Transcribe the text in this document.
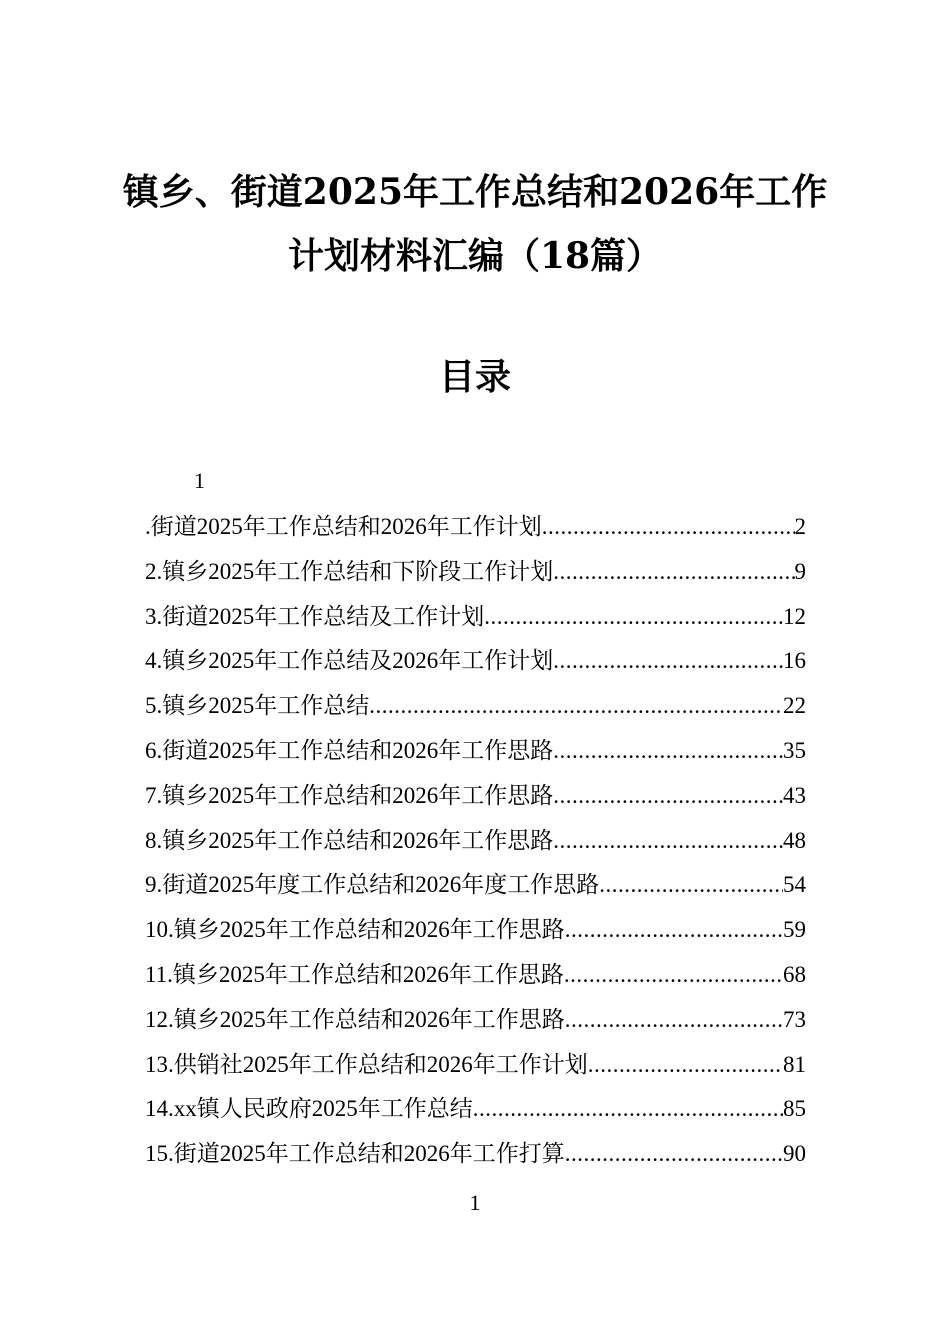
镇乡、街道2025年工作总结和2026年工作
计划材料汇编（18篇）
目录
1
.街道2025年工作总结和2026年工作计划 .....	2
2.镇乡2025年工作总结和下阶段工作计划 .....	9
3.街道2025年工作总结及工作计划 .....	12
4.镇乡2025年工作总结及2026年工作计划 .....	16
5.镇乡2025年工作总结 .....	22
6.街道2025年工作总结和2026年工作思路 .....	35
7.镇乡2025年工作总结和2026年工作思路 .....	43
8.镇乡2025年工作总结和2026年工作思路 .....	48
9.街道2025年度工作总结和2026年度工作思路 .....	54
10.镇乡2025年工作总结和2026年工作思路 .....	59
11.镇乡2025年工作总结和2026年工作思路 .....	68
12.镇乡2025年工作总结和2026年工作思路 .....	73
13.供销社2025年工作总结和2026年工作计划 .....	81
14.xx镇人民政府2025年工作总结 .....	85
15.街道2025年工作总结和2026年工作打算 .....	90
1
